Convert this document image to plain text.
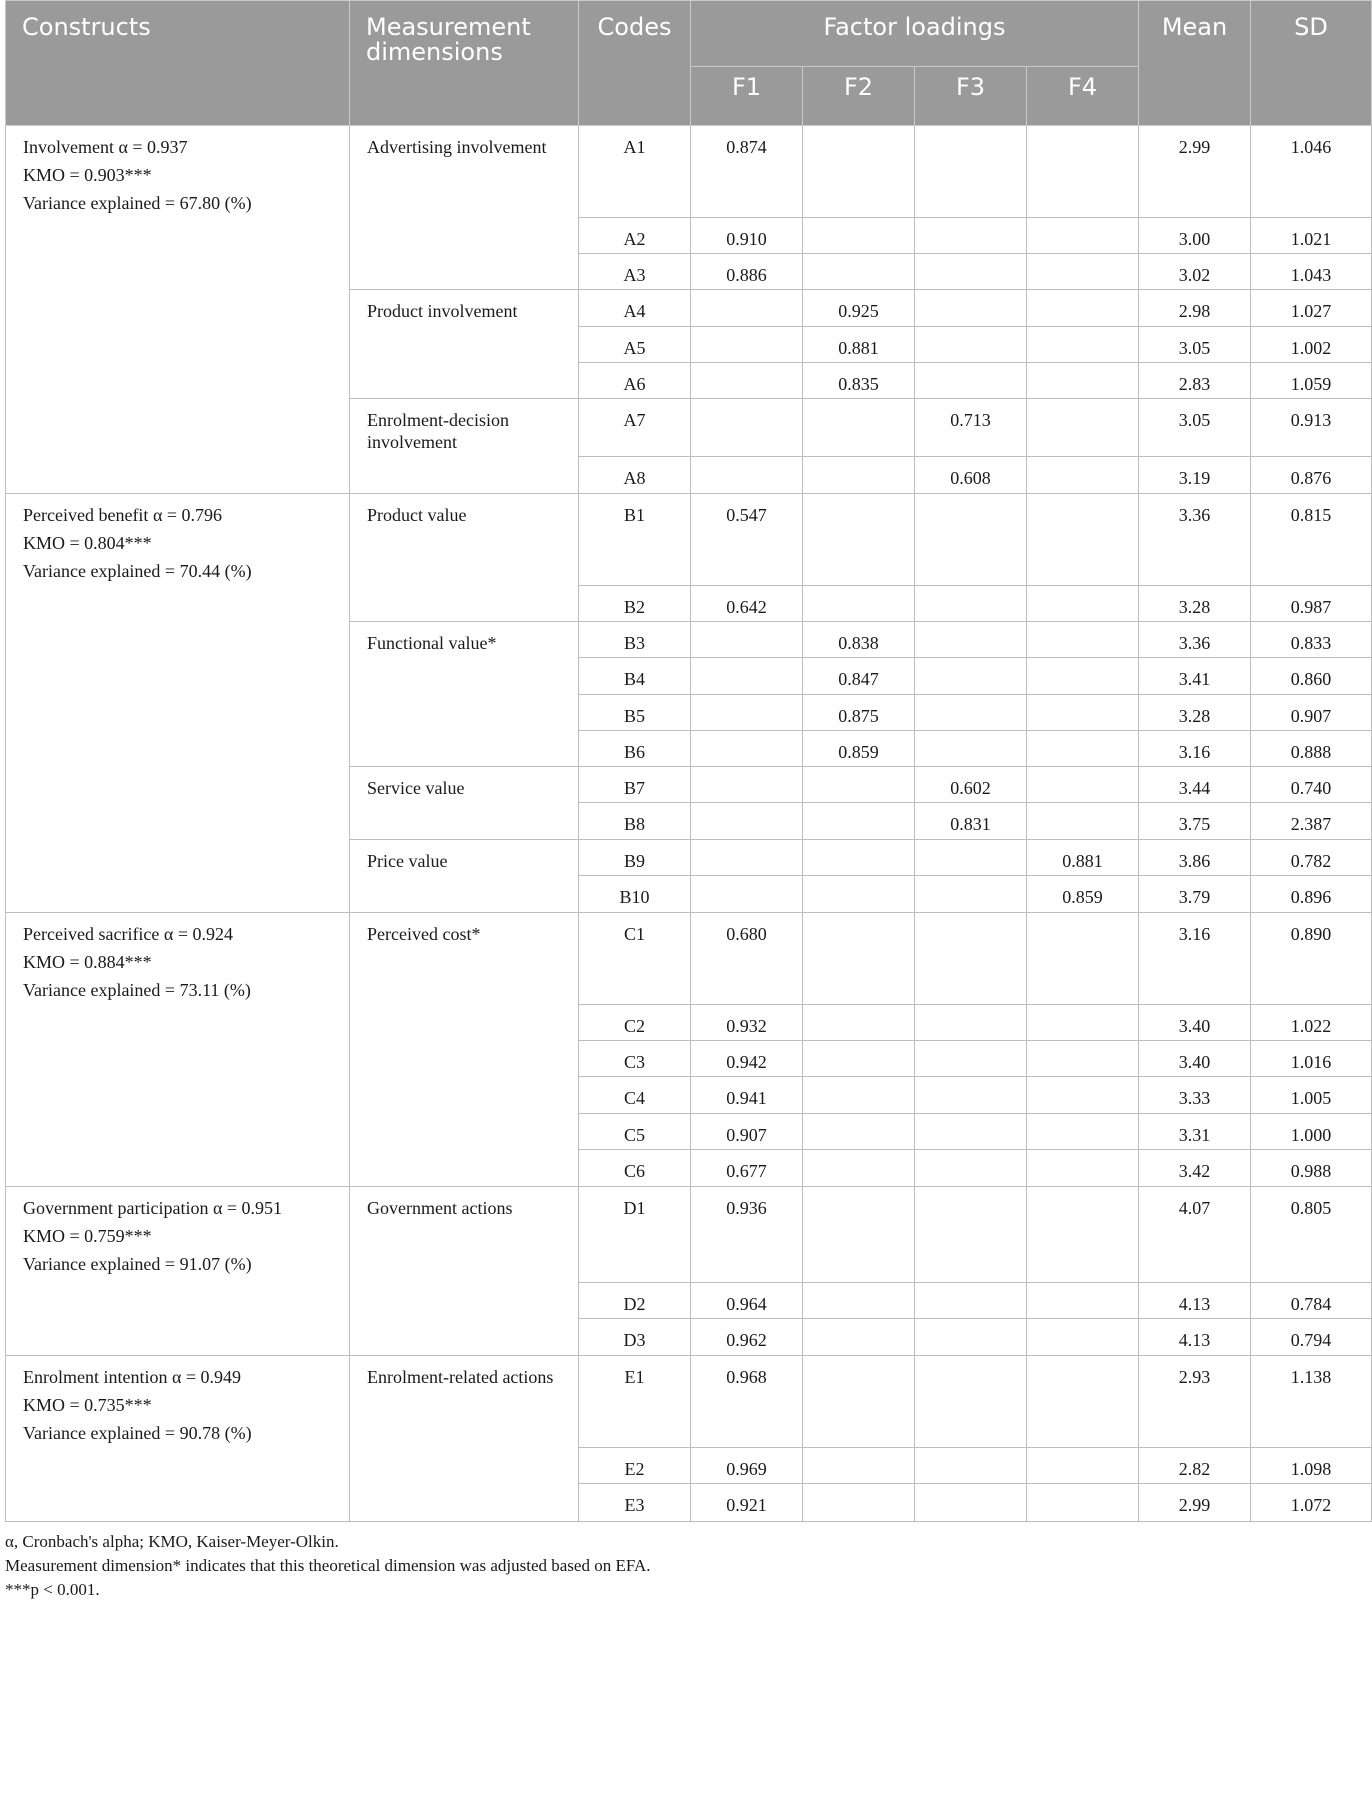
Constructs	Measurement dimensions	Codes	Factor loadings				Mean	SD
			F1	F2	F3	F4		

Involvement α = 0.937
KMO = 0.903***
Variance explained = 67.80 (%)	Advertising involvement	A1	0.874				2.99	1.046
		A2	0.910				3.00	1.021
		A3	0.886				3.02	1.043
	Product involvement	A4		0.925			2.98	1.027
		A5		0.881			3.05	1.002
		A6		0.835			2.83	1.059
	Enrolment-decision involvement	A7			0.713		3.05	0.913
		A8			0.608		3.19	0.876

Perceived benefit α = 0.796
KMO = 0.804***
Variance explained = 70.44 (%)	Product value	B1	0.547				3.36	0.815
		B2	0.642				3.28	0.987
	Functional value*	B3		0.838			3.36	0.833
		B4		0.847			3.41	0.860
		B5		0.875			3.28	0.907
		B6		0.859			3.16	0.888
	Service value	B7			0.602		3.44	0.740
		B8			0.831		3.75	2.387
	Price value	B9				0.881	3.86	0.782
		B10				0.859	3.79	0.896

Perceived sacrifice α = 0.924
KMO = 0.884***
Variance explained = 73.11 (%)	Perceived cost*	C1	0.680				3.16	0.890
		C2	0.932				3.40	1.022
		C3	0.942				3.40	1.016
		C4	0.941				3.33	1.005
		C5	0.907				3.31	1.000
		C6	0.677				3.42	0.988

Government participation α = 0.951
KMO = 0.759***
Variance explained = 91.07 (%)	Government actions	D1	0.936				4.07	0.805
		D2	0.964				4.13	0.784
		D3	0.962				4.13	0.794

Enrolment intention α = 0.949
KMO = 0.735***
Variance explained = 90.78 (%)	Enrolment-related actions	E1	0.968				2.93	1.138
		E2	0.969				2.82	1.098
		E3	0.921				2.99	1.072
α, Cronbach's alpha; KMO, Kaiser-Meyer-Olkin.
Measurement dimension* indicates that this theoretical dimension was adjusted based on EFA.
***p < 0.001.
